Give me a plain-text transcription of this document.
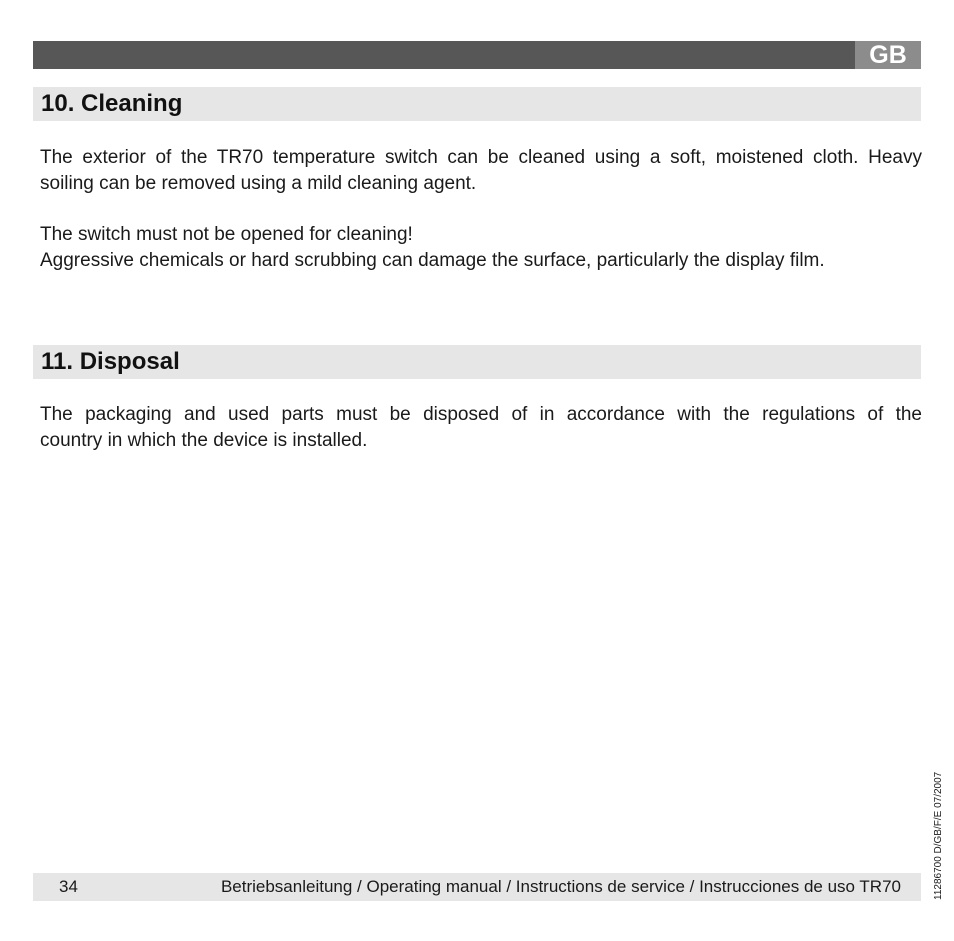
GB
10. Cleaning

The exterior of the TR70 temperature switch can be cleaned using a soft, moistened cloth. Heavy
soiling can be removed using a mild cleaning agent.

The switch must not be opened for cleaning!
Aggressive chemicals or hard scrubbing can damage the surface, particularly the display film.

11. Disposal

The packaging and used parts must be disposed of in accordance with the regulations of the
country in which the device is installed.

34	Betriebsanleitung / Operating manual / Instructions de service / Instrucciones de uso TR70	11286700 D/GB/F/E 07/2007
